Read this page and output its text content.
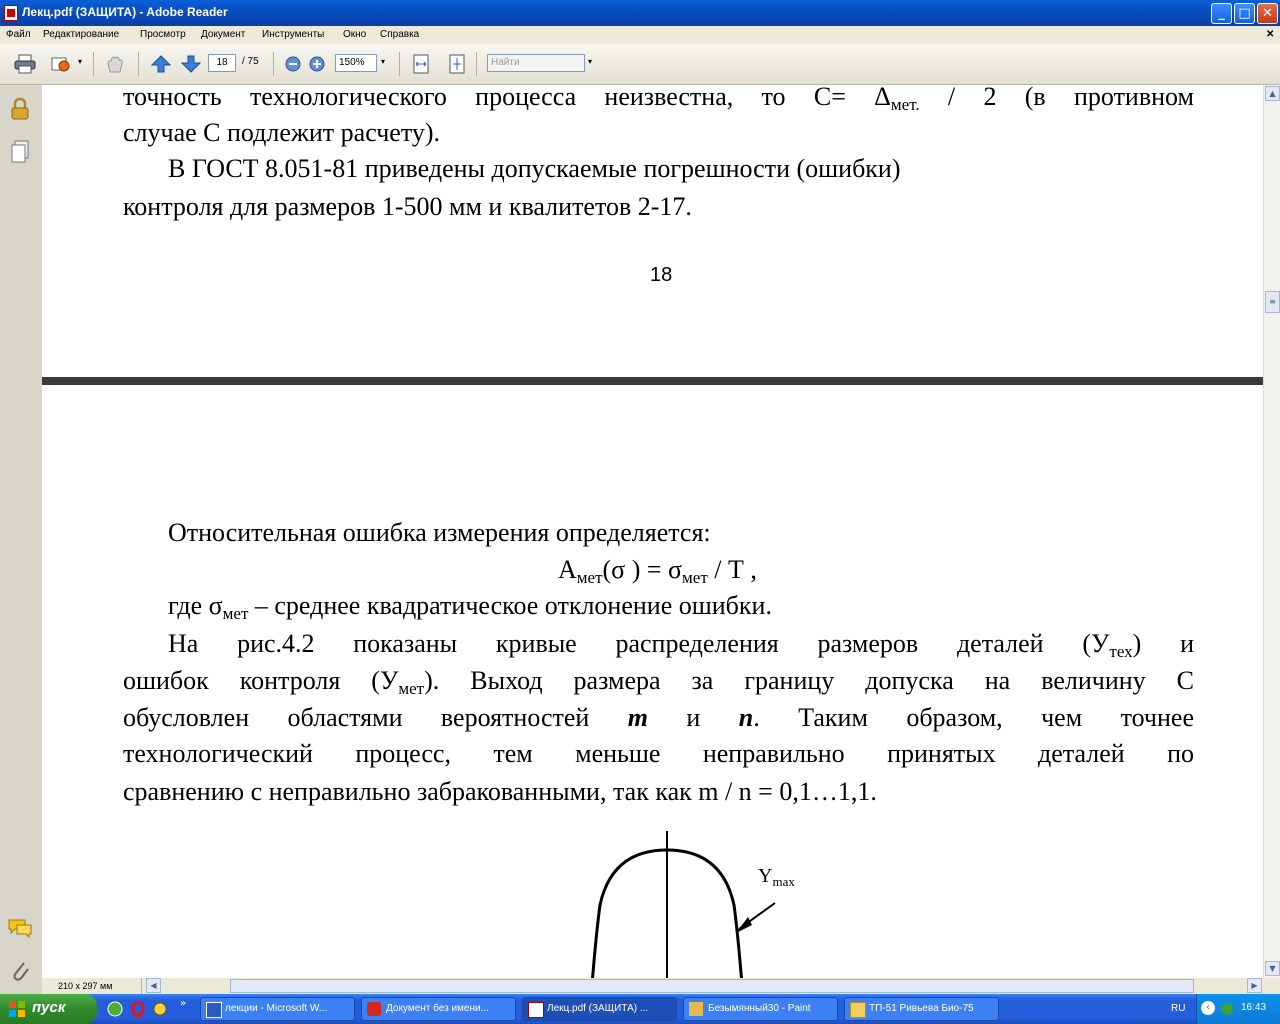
Лекц.pdf (ЗАЩИТА) - Adobe Reader	_	□ ✕
Файл Редактирование Просмотр Документ Инструменты Окно Справка	✕
▾	18	/ 75	150%	▾	Найти	▾
точность технологического процесса неизвестна, то $С= \Delta_{мет.} / 2$ (в противном
случае С подлежит расчету).
В ГОСТ 8.051-81 приведены допускаемые погрешности (ошибки)
контроля для размеров 1-500 мм и квалитетов 2-17.
18
Относительная ошибка измерения определяется:
$А_{мет}(\sigma$ ) = $\sigma_{мет}$ / Т ,
где $\sigma_{мет}$ – среднее квадратическое отклонение ошибки.
На рис.4.2 показаны кривые распределения размеров деталей $(У_{тех})$ и
ошибок контроля $(У_{мет})$. Выход размера за границу допуска на величину С
обусловлен областями вероятностей m и n. Таким образом, чем точнее
технологический процесс, тем меньше неправильно принятых деталей по
сравнению с неправильно забракованными, так как m / n = 0,1…1,1.
$Y_{max}$
▲
≡
▼
210 x 297 мм	◀	▶
пуск	»	лекции - Microsoft W...	Документ без имени...	Лекц.pdf (ЗАЩИТА) ...	Безымянный30 - Paint	ТП-51 Ривьева Био-75	RU	‹	16:43
